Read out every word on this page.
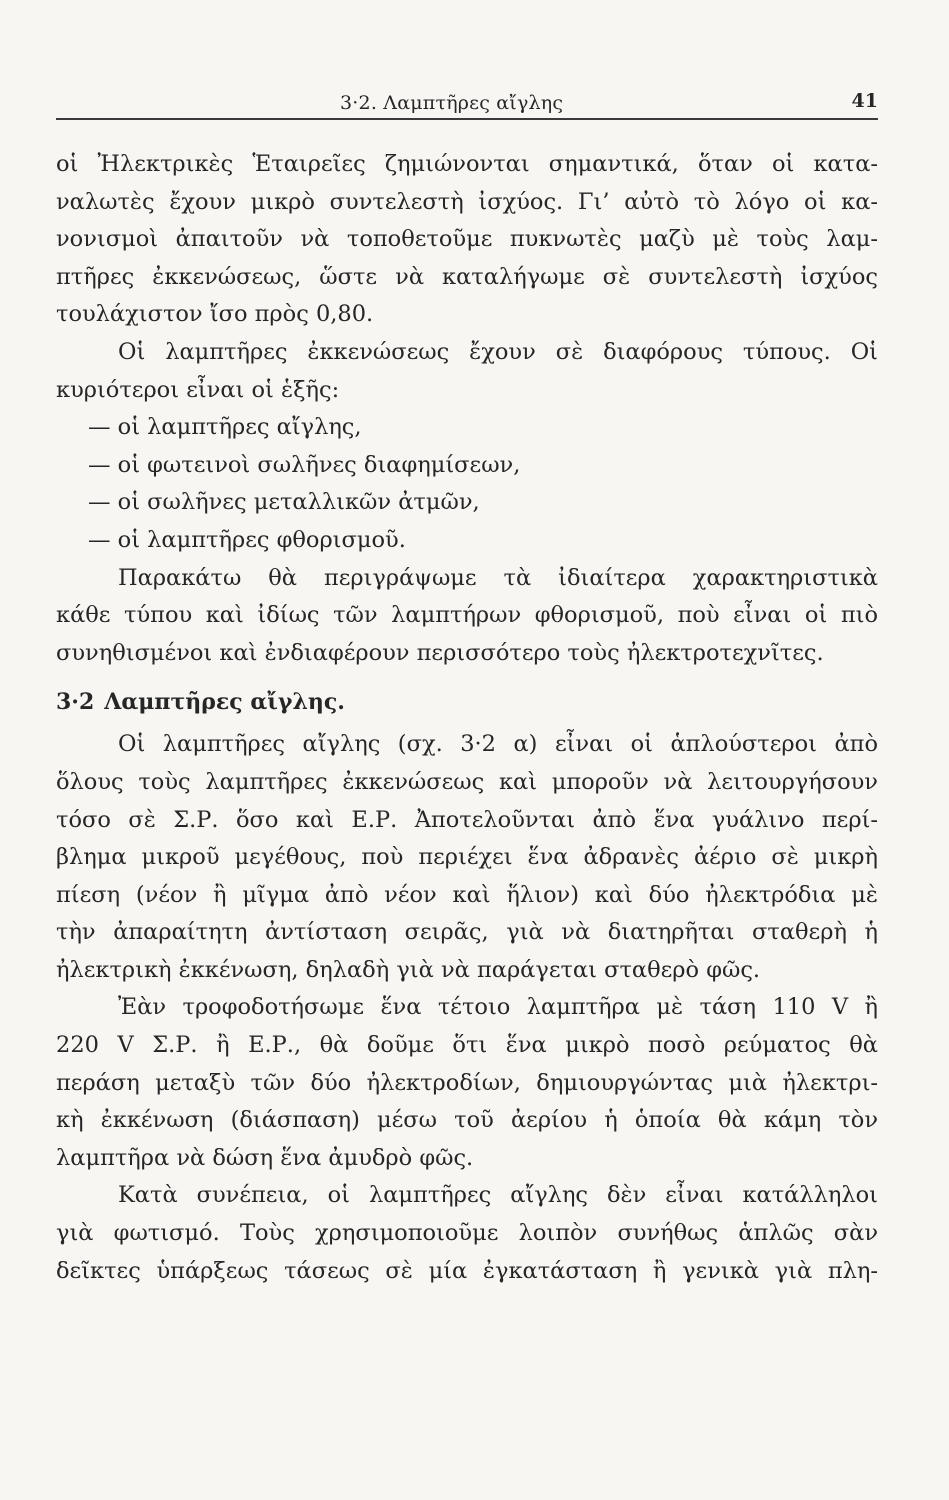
3·2. Λαμπτῆρες αἴγλης	41
οἱ Ἠλεκτρικὲς Ἑταιρεῖες ζημιώνονται σημαντικά, ὅταν οἱ κατα-
ναλωτὲς ἔχουν μικρὸ συντελεστὴ ἰσχύος. Γι’ αὐτὸ τὸ λόγο οἱ κα-
νονισμοὶ ἀπαιτοῦν νὰ τοποθετοῦμε πυκνωτὲς μαζὺ μὲ τοὺς λαμ-
πτῆρες ἐκκενώσεως, ὥστε νὰ καταλήγωμε σὲ συντελεστὴ ἰσχύος
τουλάχιστον ἴσο πρὸς 0,80.
Οἱ λαμπτῆρες ἐκκενώσεως ἔχουν σὲ διαφόρους τύπους. Οἱ
κυριότεροι εἶναι οἱ ἑξῆς:
— οἱ λαμπτῆρες αἴγλης,
— οἱ φωτεινοὶ σωλῆνες διαφημίσεων,
— οἱ σωλῆνες μεταλλικῶν ἀτμῶν,
— οἱ λαμπτῆρες φθορισμοῦ.
Παρακάτω θὰ περιγράψωμε τὰ ἰδιαίτερα χαρακτηριστικὰ
κάθε τύπου καὶ ἰδίως τῶν λαμπτήρων φθορισμοῦ, ποὺ εἶναι οἱ πιὸ
συνηθισμένοι καὶ ἐνδιαφέρουν περισσότερο τοὺς ἠλεκτροτεχνῖτες.
3·2 Λαμπτῆρες αἴγλης.
Οἱ λαμπτῆρες αἴγλης (σχ. 3·2 α) εἶναι οἱ ἁπλούστεροι ἀπὸ
ὅλους τοὺς λαμπτῆρες ἐκκενώσεως καὶ μποροῦν νὰ λειτουργήσουν
τόσο σὲ Σ.Ρ. ὅσο καὶ Ε.Ρ. Ἀποτελοῦνται ἀπὸ ἕνα γυάλινο περί-
βλημα μικροῦ μεγέθους, ποὺ περιέχει ἕνα ἀδρανὲς ἀέριο σὲ μικρὴ
πίεση (νέον ἢ μῖγμα ἀπὸ νέον καὶ ἥλιον) καὶ δύο ἠλεκτρόδια μὲ
τὴν ἀπαραίτητη ἀντίσταση σειρᾶς, γιὰ νὰ διατηρῆται σταθερὴ ἡ
ἠλεκτρικὴ ἐκκένωση, δηλαδὴ γιὰ νὰ παράγεται σταθερὸ φῶς.
Ἐὰν τροφοδοτήσωμε ἕνα τέτοιο λαμπτῆρα μὲ τάση 110 V ἢ
220 V Σ.Ρ. ἢ Ε.Ρ., θὰ δοῦμε ὅτι ἕνα μικρὸ ποσὸ ρεύματος θὰ
περάση μεταξὺ τῶν δύο ἠλεκτροδίων, δημιουργώντας μιὰ ἠλεκτρι-
κὴ ἐκκένωση (διάσπαση) μέσω τοῦ ἀερίου ἡ ὁποία θὰ κάμη τὸν
λαμπτῆρα νὰ δώση ἕνα ἀμυδρὸ φῶς.
Κατὰ συνέπεια, οἱ λαμπτῆρες αἴγλης δὲν εἶναι κατάλληλοι
γιὰ φωτισμό. Τοὺς χρησιμοποιοῦμε λοιπὸν συνήθως ἁπλῶς σὰν
δεῖκτες ὑπάρξεως τάσεως σὲ μία ἐγκατάσταση ἢ γενικὰ γιὰ πλη-
